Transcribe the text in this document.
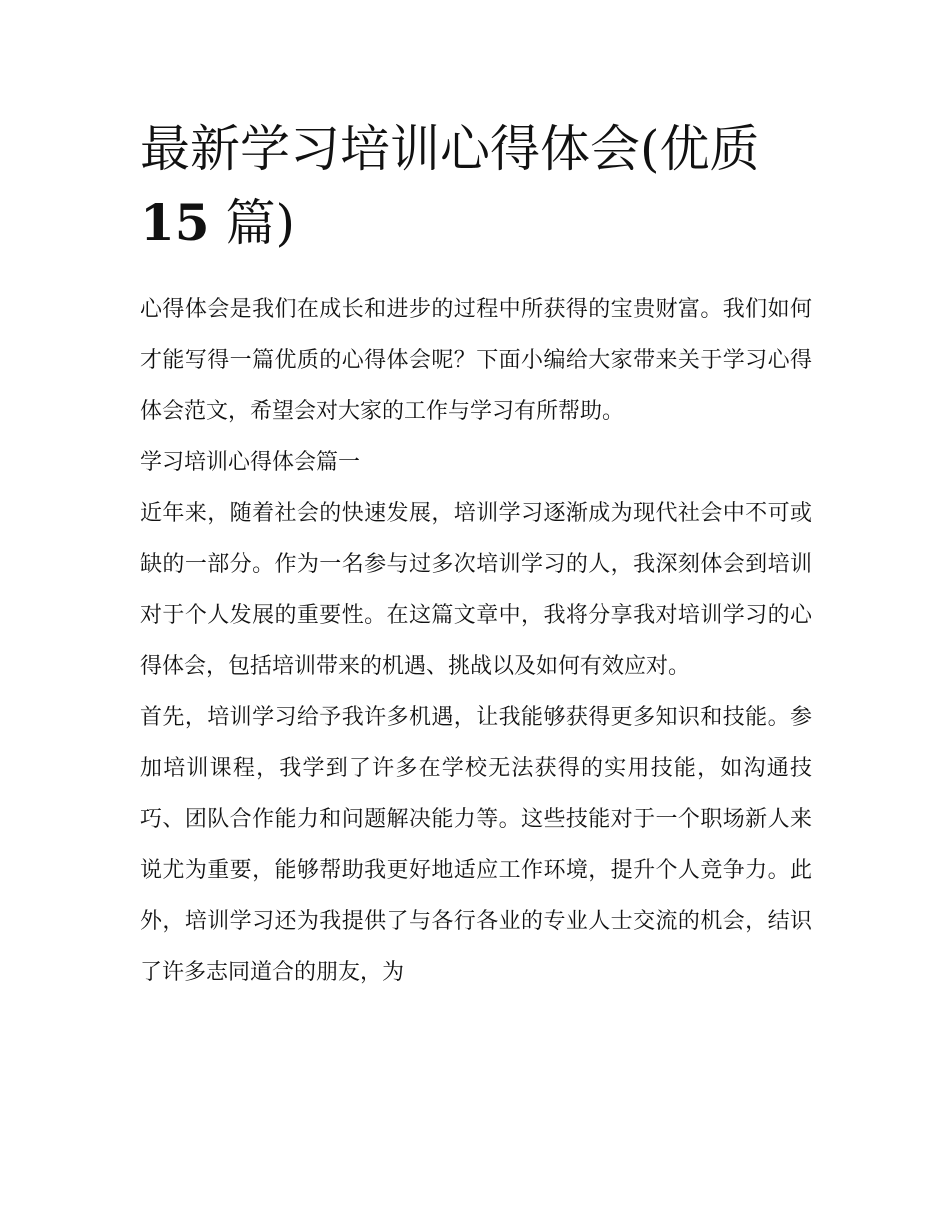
最新学习培训心得体会(优质
15 篇)

心得体会是我们在成长和进步的过程中所获得的宝贵财富。我们如何才能写得一篇优质的心得体会呢？下面小编给大家带来关于学习心得体会范文，希望会对大家的工作与学习有所帮助。

学习培训心得体会篇一

近年来，随着社会的快速发展，培训学习逐渐成为现代社会中不可或缺的一部分。作为一名参与过多次培训学习的人，我深刻体会到培训对于个人发展的重要性。在这篇文章中，我将分享我对培训学习的心得体会，包括培训带来的机遇、挑战以及如何有效应对。

首先，培训学习给予我许多机遇，让我能够获得更多知识和技能。参加培训课程，我学到了许多在学校无法获得的实用技能，如沟通技巧、团队合作能力和问题解决能力等。这些技能对于一个职场新人来说尤为重要，能够帮助我更好地适应工作环境，提升个人竞争力。此外，培训学习还为我提供了与各行各业的专业人士交流的机会，结识了许多志同道合的朋友，为
